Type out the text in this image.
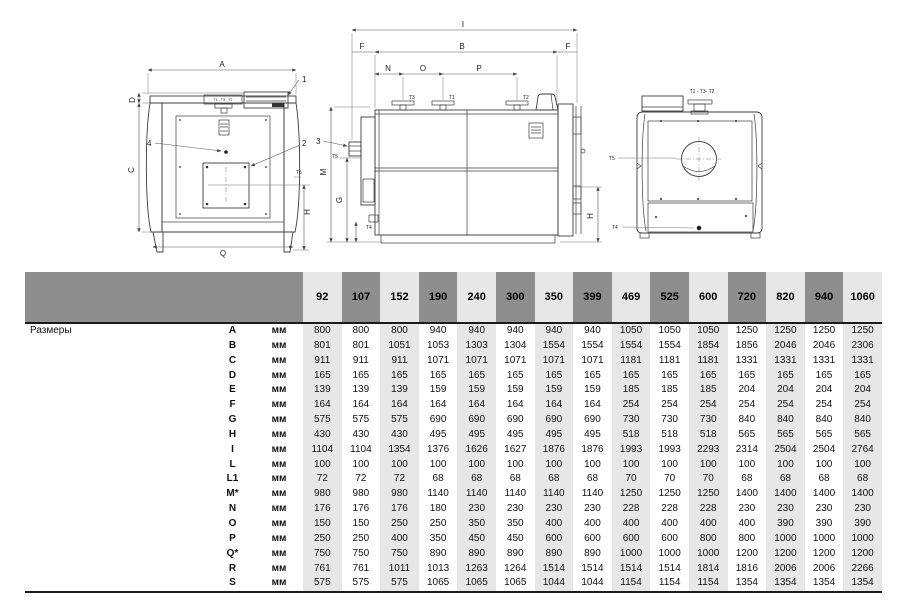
T1 - T3 - T2
1
2
4
A
D
C	T6
H
Q
3
T5
T3	T1	T2
I
B
F	F
N	O	P
M
G
T4
H
T1 - T3- T2
T5
T4
92	107	152	190	240	300	350	399	469	525	600	720	820	940	1060
Размеры	A	мм	800	800	800	940	940	940	940	940	1050	1050	1050	1250	1250	1250	1250
B	мм	801	801	1051	1053	1303	1304	1554	1554	1554	1554	1854	1856	2046	2046	2306
C	мм	911	911	911	1071	1071	1071	1071	1071	1181	1181	1181	1331	1331	1331	1331
D	мм	165	165	165	165	165	165	165	165	165	165	165	165	165	165	165
E	мм	139	139	139	159	159	159	159	159	185	185	185	204	204	204	204
F	мм	164	164	164	164	164	164	164	164	254	254	254	254	254	254	254
G	мм	575	575	575	690	690	690	690	690	730	730	730	840	840	840	840
H	мм	430	430	430	495	495	495	495	495	518	518	518	565	565	565	565
I	мм	1104	1104	1354	1376	1626	1627	1876	1876	1993	1993	2293	2314	2504	2504	2764
L	мм	100	100	100	100	100	100	100	100	100	100	100	100	100	100	100
L1	мм	72	72	72	68	68	68	68	68	70	70	70	68	68	68	68
M*	мм	980	980	980	1140	1140	1140	1140	1140	1250	1250	1250	1400	1400	1400	1400
N	мм	176	176	176	180	230	230	230	230	228	228	228	230	230	230	230
O	мм	150	150	250	250	350	350	400	400	400	400	400	400	390	390	390
P	мм	250	250	400	350	450	450	600	600	600	600	800	800	1000	1000	1000
Q*	мм	750	750	750	890	890	890	890	890	1000	1000	1000	1200	1200	1200	1200
R	мм	761	761	1011	1013	1263	1264	1514	1514	1514	1514	1814	1816	2006	2006	2266
S	мм	575	575	575	1065	1065	1065	1044	1044	1154	1154	1154	1354	1354	1354	1354
